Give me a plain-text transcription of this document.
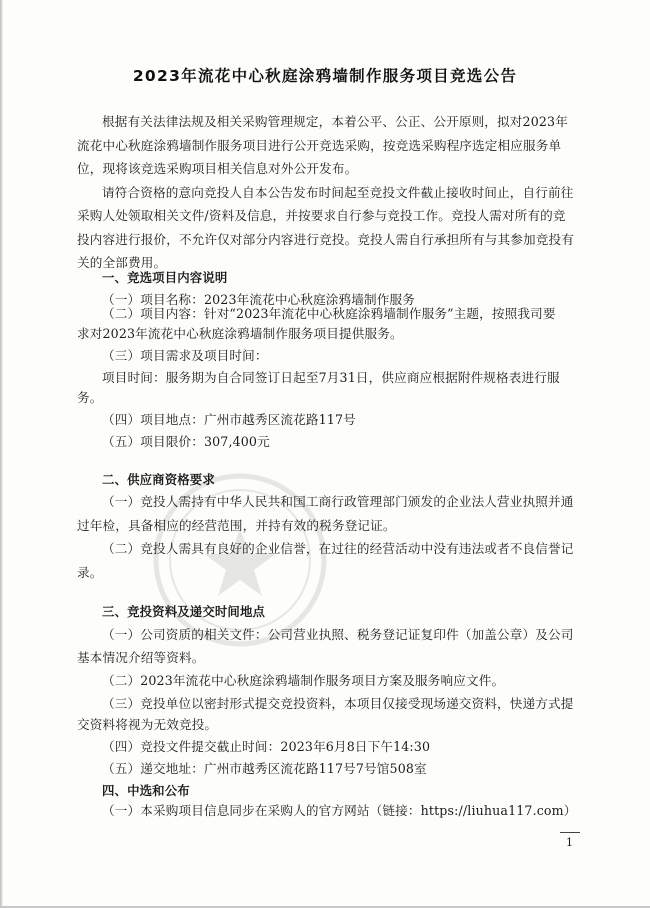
2023年流花中心秋庭涂鸦墙制作服务项目竞选公告
根据有关法律法规及相关采购管理规定，本着公平、公正、公开原则，拟对2023年
流花中心秋庭涂鸦墙制作服务项目进行公开竞选采购，按竞选采购程序选定相应服务单
位，现将该竞选采购项目相关信息对外公开发布。
请符合资格的意向竞投人自本公告发布时间起至竞投文件截止接收时间止，自行前往
采购人处领取相关文件/资料及信息，并按要求自行参与竞投工作。竞投人需对所有的竞
投内容进行报价，不允许仅对部分内容进行竞投。竞投人需自行承担所有与其参加竞投有
关的全部费用。
一、竞选项目内容说明
（一）项目名称：2023年流花中心秋庭涂鸦墙制作服务
（二）项目内容：针对“2023年流花中心秋庭涂鸦墙制作服务”主题，按照我司要
求对2023年流花中心秋庭涂鸦墙制作服务项目提供服务。
（三）项目需求及项目时间：
项目时间：服务期为自合同签订日起至7月31日，供应商应根据附件规格表进行服
务。
（四）项目地点：广州市越秀区流花路117号
（五）项目限价：307,400元
二、供应商资格要求
（一）竞投人需持有中华人民共和国工商行政管理部门颁发的企业法人营业执照并通
过年检，具备相应的经营范围，并持有效的税务登记证。
（二）竞投人需具有良好的企业信誉，在过往的经营活动中没有违法或者不良信誉记
录。
三、竞投资料及递交时间地点
（一）公司资质的相关文件：公司营业执照、税务登记证复印件（加盖公章）及公司
基本情况介绍等资料。
（二）2023年流花中心秋庭涂鸦墙制作服务项目方案及服务响应文件。
（三）竞投单位以密封形式提交竞投资料，本项目仅接受现场递交资料，快递方式提
交资料将视为无效竞投。
（四）竞投文件提交截止时间：2023年6月8日下午14:30
（五）递交地址：广州市越秀区流花路117号7号馆508室
四、中选和公布
（一）本采购项目信息同步在采购人的官方网站（链接：https://liuhua117.com）
1
